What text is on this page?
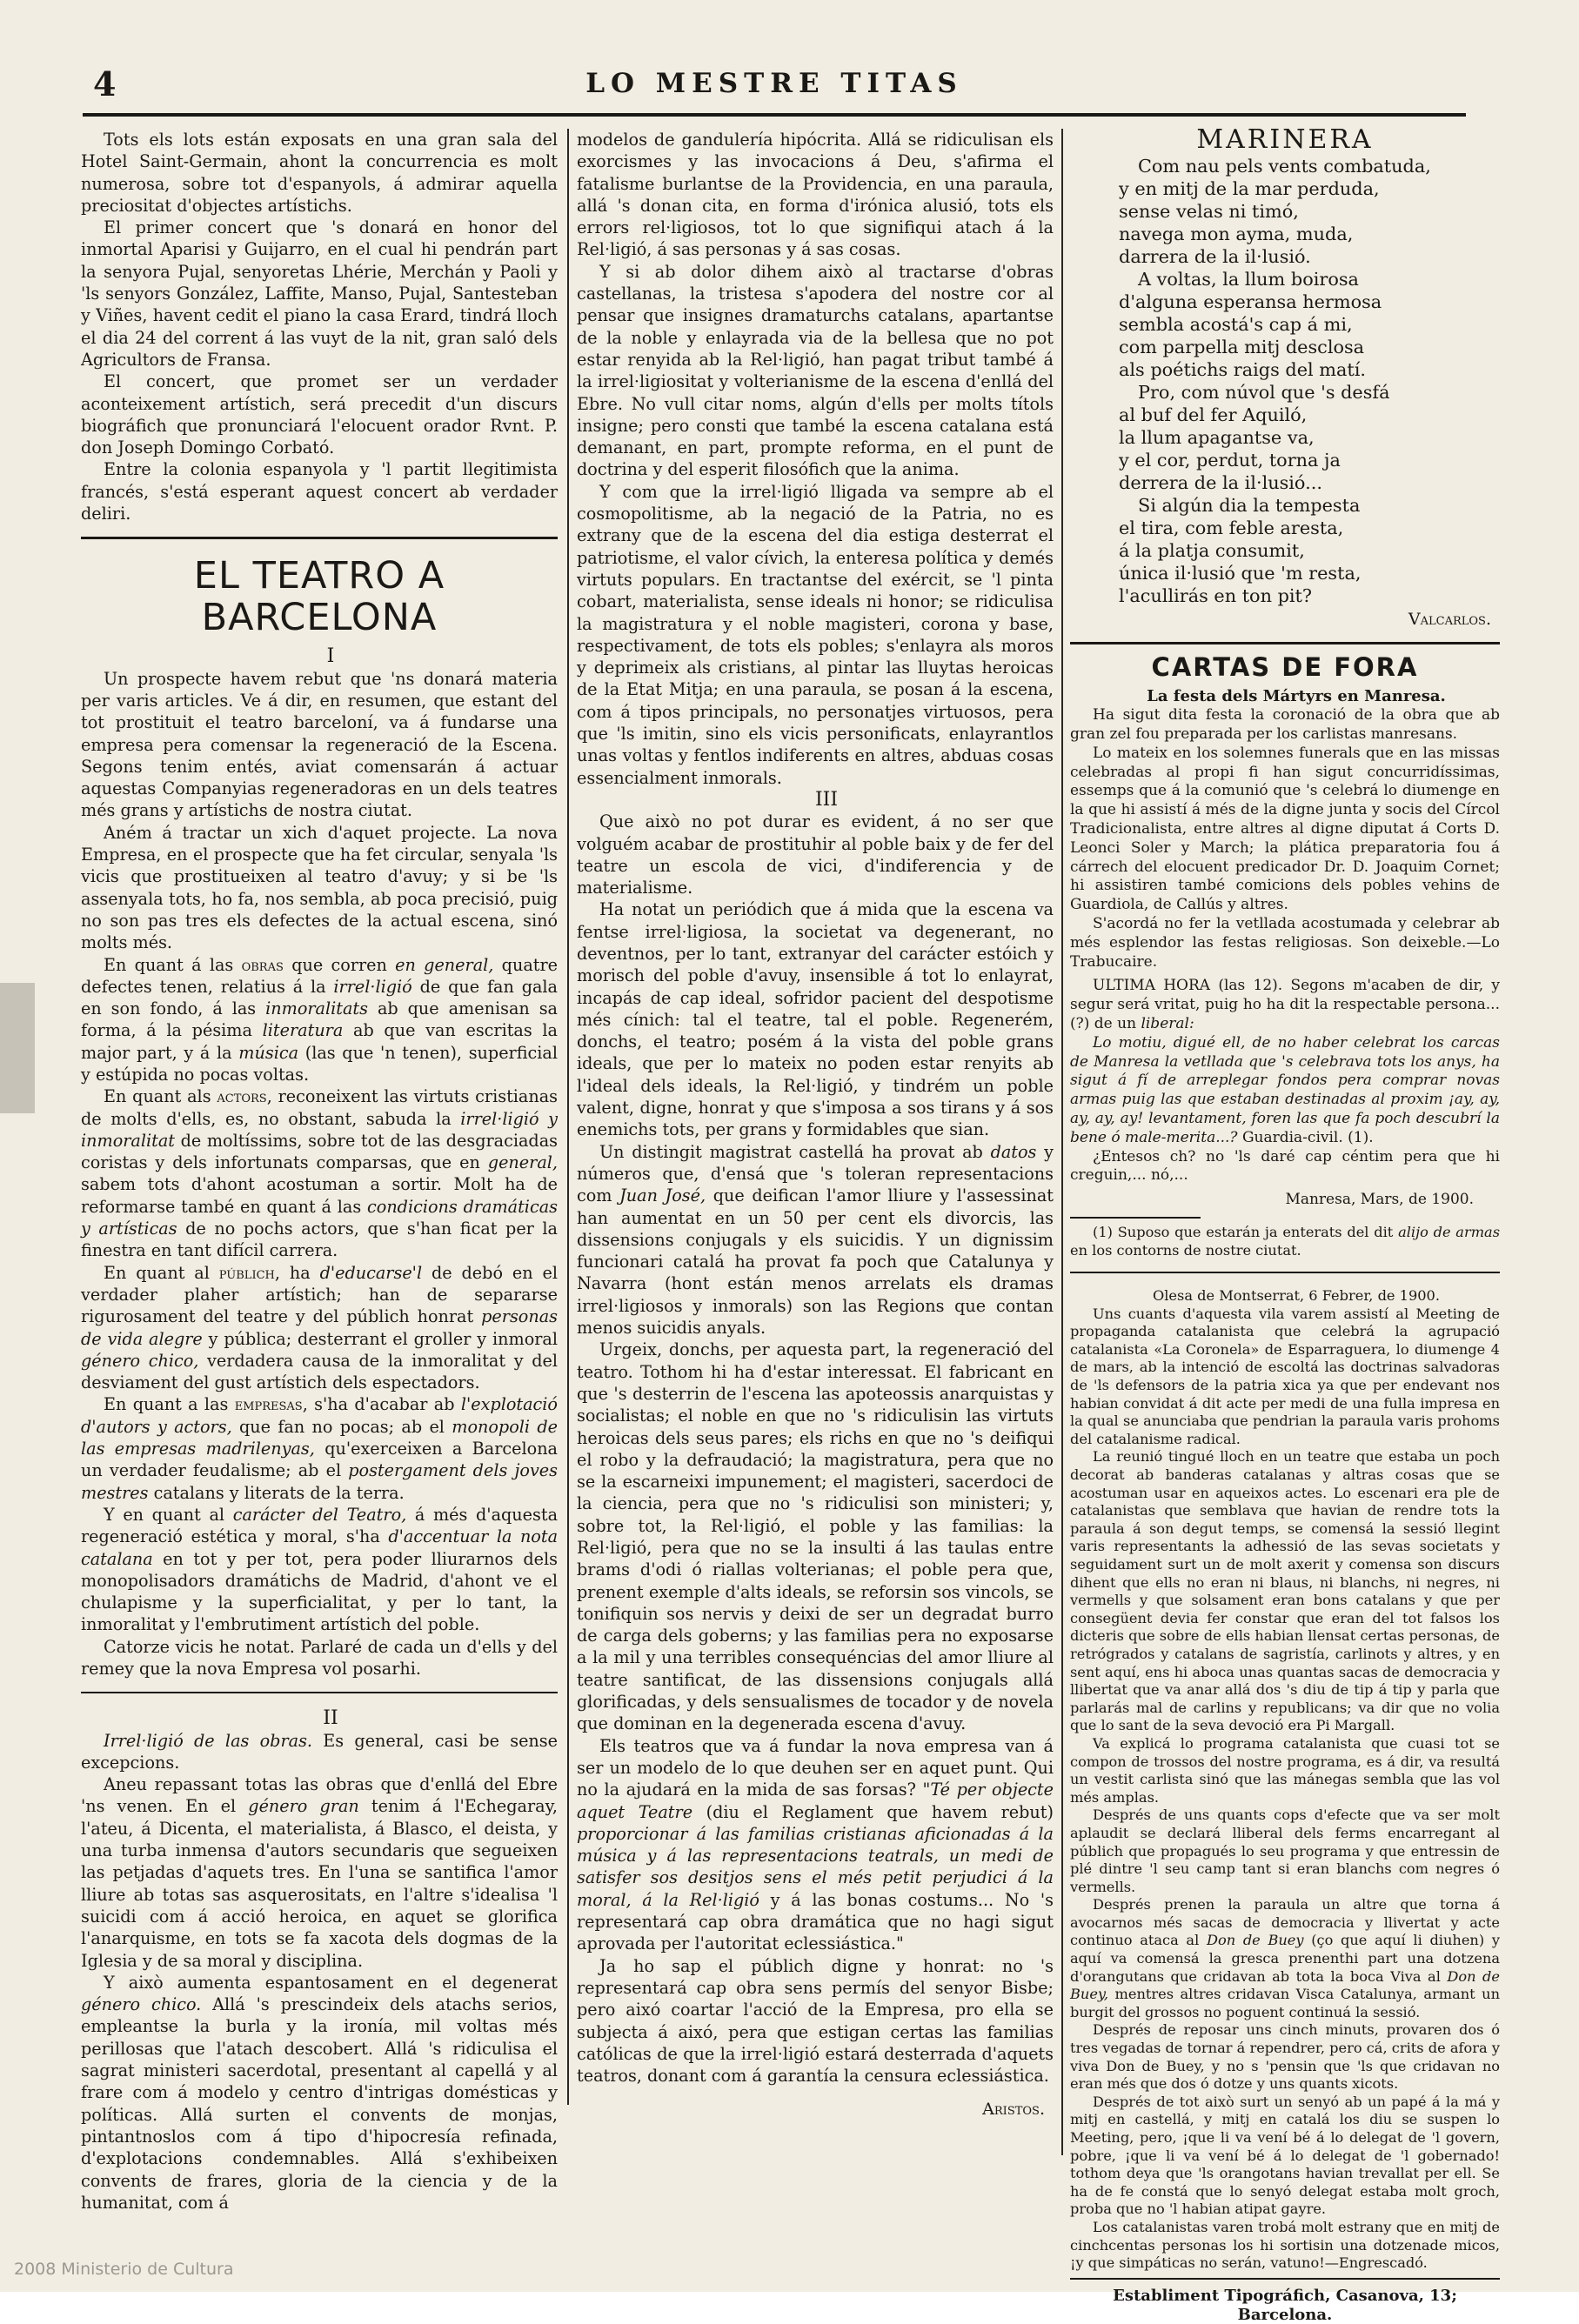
4	LO MESTRE TITAS

Tots els lots están exposats en una gran sala del Hotel Saint-Germain, ahont la concurrencia es molt numerosa, sobre tot d'espanyols, á admirar aquella preciositat d'objectes artístichs.

El primer concert que 's donará en honor del inmortal Aparisi y Guijarro, en el cual hi pendrán part la senyora Pujal, senyoretas Lhérie, Merchán y Paoli y 'ls senyors González, Laffite, Manso, Pujal, Santesteban y Viñes, havent cedit el piano la casa Erard, tindrá lloch el dia 24 del corrent á las vuyt de la nit, gran saló dels Agricultors de Fransa.

El concert, que promet ser un verdader aconteixement artístich, será precedit d'un discurs biográfich que pronunciará l'elocuent orador Rvnt. P. don Joseph Domingo Corbató.

Entre la colonia espanyola y 'l partit llegitimista francés, s'está esperant aquest concert ab verdader deliri.

EL TEATRO A BARCELONA

I

Un prospecte havem rebut que 'ns donará materia per varis articles. Ve á dir, en resumen, que estant del tot prostituit el teatro barceloní, va á fundarse una empresa pera comensar la regeneració de la Escena. Segons tenim entés, aviat comensarán á actuar aquestas Companyias regeneradoras en un dels teatres més grans y artístichs de nostra ciutat.

Aném á tractar un xich d'aquet projecte. La nova Empresa, en el prospecte que ha fet circular, senyala 'ls vicis que prostitueixen al teatro d'avuy; y si be 'ls assenyala tots, ho fa, nos sembla, ab poca precisió, puig no son pas tres els defectes de la actual escena, sinó molts més.

En quant á las obras que corren en general, quatre defectes tenen, relatius á la irrel·ligió de que fan gala en son fondo, á las inmoralitats ab que amenisan sa forma, á la pésima literatura ab que van escritas la major part, y á la música (las que 'n tenen), superficial y estúpida no pocas voltas.

En quant als actors, reconeixent las virtuts cristianas de molts d'ells, es, no obstant, sabuda la irrel·ligió y inmoralitat de moltíssims, sobre tot de las desgraciadas coristas y dels infortunats comparsas, que en general, sabem tots d'ahont acostuman a sortir. Molt ha de reformarse també en quant á las condicions dramáticas y artísticas de no pochs actors, que s'han ficat per la finestra en tant difícil carrera.

En quant al públich, ha d'educarse'l de debó en el verdader plaher artístich; han de separarse rigurosament del teatre y del públich honrat personas de vida alegre y pública; desterrant el groller y inmoral género chico, verdadera causa de la inmoralitat y del desviament del gust artístich dels espectadors.

En quant a las empresas, s'ha d'acabar ab l'explotació d'autors y actors, que fan no pocas; ab el monopoli de las empresas madrilenyas, qu'exerceixen a Barcelona un verdader feudalisme; ab el postergament dels joves mestres catalans y literats de la terra.

Y en quant al carácter del Teatro, á més d'aquesta regeneració estética y moral, s'ha d'accentuar la nota catalana en tot y per tot, pera poder lliurarnos dels monopolisadors dramátichs de Madrid, d'ahont ve el chulapisme y la superficialitat, y per lo tant, la inmoralitat y l'embrutiment artístich del poble.

Catorze vicis he notat. Parlaré de cada un d'ells y del remey que la nova Empresa vol posarhi.

II

Irrel·ligió de las obras. Es general, casi be sense excepcions.

Aneu repassant totas las obras que d'enllá del Ebre 'ns venen. En el género gran tenim á l'Echegaray, l'ateu, á Dicenta, el materialista, á Blasco, el deista, y una turba inmensa d'autors secundaris que segueixen las petjadas d'aquets tres. En l'una se santifica l'amor lliure ab totas sas asquerositats, en l'altre s'idealisa 'l suicidi com á acció heroica, en aquet se glorifica l'anarquisme, en tots se fa xacota dels dogmas de la Iglesia y de sa moral y disciplina.

Y això aumenta espantosament en el degenerat género chico. Allá 's prescindeix dels atachs serios, empleantse la burla y la ironía, mil voltas més perillosas que l'atach descobert. Allá 's ridiculisa el sagrat ministeri sacerdotal, presentant al capellá y al frare com á modelo y centro d'intrigas domésticas y políticas. Allá surten el convents de monjas, pintantnoslos com á tipo d'hipocresía refinada, d'explotacions condemnables. Allá s'exhibeixen convents de frares, gloria de la ciencia y de la humanitat, com á

modelos de gandulería hipócrita. Allá se ridiculisan els exorcismes y las invocacions á Deu, s'afirma el fatalisme burlantse de la Providencia, en una paraula, allá 's donan cita, en forma d'irónica alusió, tots els errors rel·ligiosos, tot lo que signifiqui atach á la Rel·ligió, á sas personas y á sas cosas.

Y si ab dolor dihem això al tractarse d'obras castellanas, la tristesa s'apodera del nostre cor al pensar que insignes dramaturchs catalans, apartantse de la noble y enlayrada via de la bellesa que no pot estar renyida ab la Rel·ligió, han pagat tribut també á la irrel·ligiositat y volterianisme de la escena d'enllá del Ebre. No vull citar noms, algún d'ells per molts títols insigne; pero consti que també la escena catalana está demanant, en part, prompte reforma, en el punt de doctrina y del esperit filosófich que la anima.

Y com que la irrel·ligió lligada va sempre ab el cosmopolitisme, ab la negació de la Patria, no es extrany que de la escena del dia estiga desterrat el patriotisme, el valor cívich, la enteresa política y demés virtuts populars. En tractantse del exércit, se 'l pinta cobart, materialista, sense ideals ni honor; se ridiculisa la magistratura y el noble magisteri, corona y base, respectivament, de tots els pobles; s'enlayra als moros y deprimeix als cristians, al pintar las lluytas heroicas de la Etat Mitja; en una paraula, se posan á la escena, com á tipos principals, no personatjes virtuosos, pera que 'ls imitin, sino els vicis personificats, enlayrantlos unas voltas y fentlos indiferents en altres, abduas cosas essencialment inmorals.

III

Que això no pot durar es evident, á no ser que volguém acabar de prostituhir al poble baix y de fer del teatre un escola de vici, d'indiferencia y de materialisme.

Ha notat un periódich que á mida que la escena va fentse irrel·ligiosa, la societat va degenerant, no deventnos, per lo tant, extranyar del carácter estóich y morisch del poble d'avuy, insensible á tot lo enlayrat, incapás de cap ideal, sofridor pacient del despotisme més cínich: tal el teatre, tal el poble. Regenerém, donchs, el teatro; posém á la vista del poble grans ideals, que per lo mateix no poden estar renyits ab l'ideal dels ideals, la Rel·ligió, y tindrém un poble valent, digne, honrat y que s'imposa a sos tirans y á sos enemichs tots, per grans y formidables que sian.

Un distingit magistrat castellá ha provat ab datos y números que, d'ensá que 's toleran representacions com Juan José, que deifican l'amor lliure y l'assessinat han aumentat en un 50 per cent els divorcis, las dissensions conjugals y els suicidis. Y un dignissim funcionari catalá ha provat fa poch que Catalunya y Navarra (hont están menos arrelats els dramas irrel·ligiosos y inmorals) son las Regions que contan menos suicidis anyals.

Urgeix, donchs, per aquesta part, la regeneració del teatro. Tothom hi ha d'estar interessat. El fabricant en que 's desterrin de l'escena las apoteossis anarquistas y socialistas; el noble en que no 's ridiculisin las virtuts heroicas dels seus pares; els richs en que no 's deifiqui el robo y la defraudació; la magistratura, pera que no se la escarneixi impunement; el magisteri, sacerdoci de la ciencia, pera que no 's ridiculisi son ministeri; y, sobre tot, la Rel·ligió, el poble y las familias: la Rel·ligió, pera que no se la insulti á las taulas entre brams d'odi ó riallas volterianas; el poble pera que, prenent exemple d'alts ideals, se reforsin sos vincols, se tonifiquin sos nervis y deixi de ser un degradat burro de carga dels goberns; y las familias pera no exposarse a la mil y una terribles consequéncias del amor lliure al teatre santificat, de las dissensions conjugals allá glorificadas, y dels sensualismes de tocador y de novela que dominan en la degenerada escena d'avuy.

Els teatros que va á fundar la nova empresa van á ser un modelo de lo que deuhen ser en aquet punt. Qui no la ajudará en la mida de sas forsas? "Té per objecte aquet Teatre (diu el Reglament que havem rebut) proporcionar á las familias cristianas aficionadas á la música y á las representacions teatrals, un medi de satisfer sos desitjos sens el més petit perjudici á la moral, á la Rel·ligió y á las bonas costums... No 's representará cap obra dramática que no hagi sigut aprovada per l'autoritat eclessiástica."

Ja ho sap el públich digne y honrat: no 's representará cap obra sens permís del senyor Bisbe; pero aixó coartar l'acció de la Empresa, pro ella se subjecta á aixó, pera que estigan certas las familias católicas de que la irrel·ligió estará desterrada d'aquets teatros, donant com á garantía la censura eclessiástica.

Aristos.
MARINERA
Com nau pels vents combatuda,
y en mitj de la mar perduda,
sense velas ni timó,
navega mon ayma, muda,
darrera de la il·lusió.
A voltas, la llum boirosa
d'alguna esperansa hermosa
sembla acostá's cap á mi,
com parpella mitj desclosa
als poétichs raigs del matí.
Pro, com núvol que 's desfá
al buf del fer Aquiló,
la llum apagantse va,
y el cor, perdut, torna ja
derrera de la il·lusió...
Si algún dia la tempesta
el tira, com feble aresta,
á la platja consumit,
única il·lusió que 'm resta,
l'acullirás en ton pit?
Valcarlos.
CARTAS DE FORA

La festa dels Mártyrs en Manresa.

Ha sigut dita festa la coronació de la obra que ab gran zel fou preparada per los carlistas manresans.

Lo mateix en los solemnes funerals que en las missas celebradas al propi fi han sigut concurridíssimas, essemps que á la comunió que 's celebrá lo diumenge en la que hi assistí á més de la digne junta y socis del Círcol Tradicionalista, entre altres al digne diputat á Corts D. Leonci Soler y March; la plática preparatoria fou á cárrech del elocuent predicador Dr. D. Joaquim Cornet; hi assistiren també comicions dels pobles vehins de Guardiola, de Callús y altres.

S'acordá no fer la vetllada acostumada y celebrar ab més esplendor las festas religiosas. Son deixeble.—Lo Trabucaire.

ULTIMA HORA (las 12). Segons m'acaben de dir, y segur será vritat, puig ho ha dit la respectable persona... (?) de un liberal:

Lo motiu, digué ell, de no haber celebrat los carcas de Manresa la vetllada que 's celebrava tots los anys, ha sigut á fí de arreplegar fondos pera comprar novas armas puig las que estaban destinadas al proxim ¡ay, ay, ay, ay, ay! levantament, foren las que fa poch descubrí la bene ó male-merita...? Guardia-civil. (1).

¿Entesos ch? no 'ls daré cap céntim pera que hi creguin,... nó,...

Manresa, Mars, de 1900.

(1) Suposo que estarán ja enterats del dit alijo de armas en los contorns de nostre ciutat.

Olesa de Montserrat, 6 Febrer, de 1900.

Uns cuants d'aquesta vila varem assistí al Meeting de propaganda catalanista que celebrá la agrupació catalanista «La Coronela» de Esparraguera, lo diumenge 4 de mars, ab la intenció de escoltá las doctrinas salvadoras de 'ls defensors de la patria xica ya que per endevant nos habian convidat á dit acte per medi de una fulla impresa en la qual se anunciaba que pendrian la paraula varis prohoms del catalanisme radical.

La reunió tingué lloch en un teatre que estaba un poch decorat ab banderas catalanas y altras cosas que se acostuman usar en aqueixos actes. Lo escenari era ple de catalanistas que semblava que havian de rendre tots la paraula á son degut temps, se comensá la sessió llegint varis representants la adhessió de las sevas societats y seguidament surt un de molt axerit y comensa son discurs dihent que ells no eran ni blaus, ni blanchs, ni negres, ni vermells y que solsament eran bons catalans y que per consegüent devia fer constar que eran del tot falsos los dicteris que sobre de ells habian llensat certas personas, de retrógrados y catalans de sagristía, carlinots y altres, y en sent aquí, ens hi aboca unas quantas sacas de democracia y llibertat que va anar allá dos 's diu de tip á tip y parla que parlarás mal de carlins y republicans; va dir que no volia que lo sant de la seva devoció era Pi Margall.

Va explicá lo programa catalanista que cuasi tot se compon de trossos del nostre programa, es á dir, va resultá un vestit carlista sinó que las mánegas sembla que las vol més amplas.

Després de uns quants cops d'efecte que va ser molt aplaudit se declará lliberal dels ferms encarregant al públich que propagués lo seu programa y que entressin de plé dintre 'l seu camp tant si eran blanchs com negres ó vermells.

Després prenen la paraula un altre que torna á avocarnos més sacas de democracia y llivertat y acte continuo ataca al Don de Buey (ço que aquí li diuhen) y aquí va comensá la gresca prenenthi part una dotzena d'orangutans que cridavan ab tota la boca Viva al Don de Buey, mentres altres cridavan Visca Catalunya, armant un burgit del grossos no poguent continuá la sessió.

Després de reposar uns cinch minuts, provaren dos ó tres vegadas de tornar á rependrer, pero cá, crits de afora y viva Don de Buey, y no s 'pensin que 'ls que cridavan no eran més que dos ó dotze y uns quants xicots.

Després de tot això surt un senyó ab un papé á la má y mitj en castellá, y mitj en catalá los diu se suspen lo Meeting, pero, ¡que li va vení bé á lo delegat de 'l govern, pobre, ¡que li va vení bé á lo delegat de 'l gobernado! tothom deya que 'ls orangotans havian trevallat per ell. Se ha de fe constá que lo senyó delegat estaba molt groch, proba que no 'l habian atipat gayre.

Los catalanistas varen trobá molt estrany que en mitj de cinchcentas personas los hi sortisin una dotzenade micos, ¡y que simpáticas no serán, vatuno!—Engrescadó.

Establiment Tipográfich, Casanova, 13; Barcelona.
2008 Ministerio de Cultura
